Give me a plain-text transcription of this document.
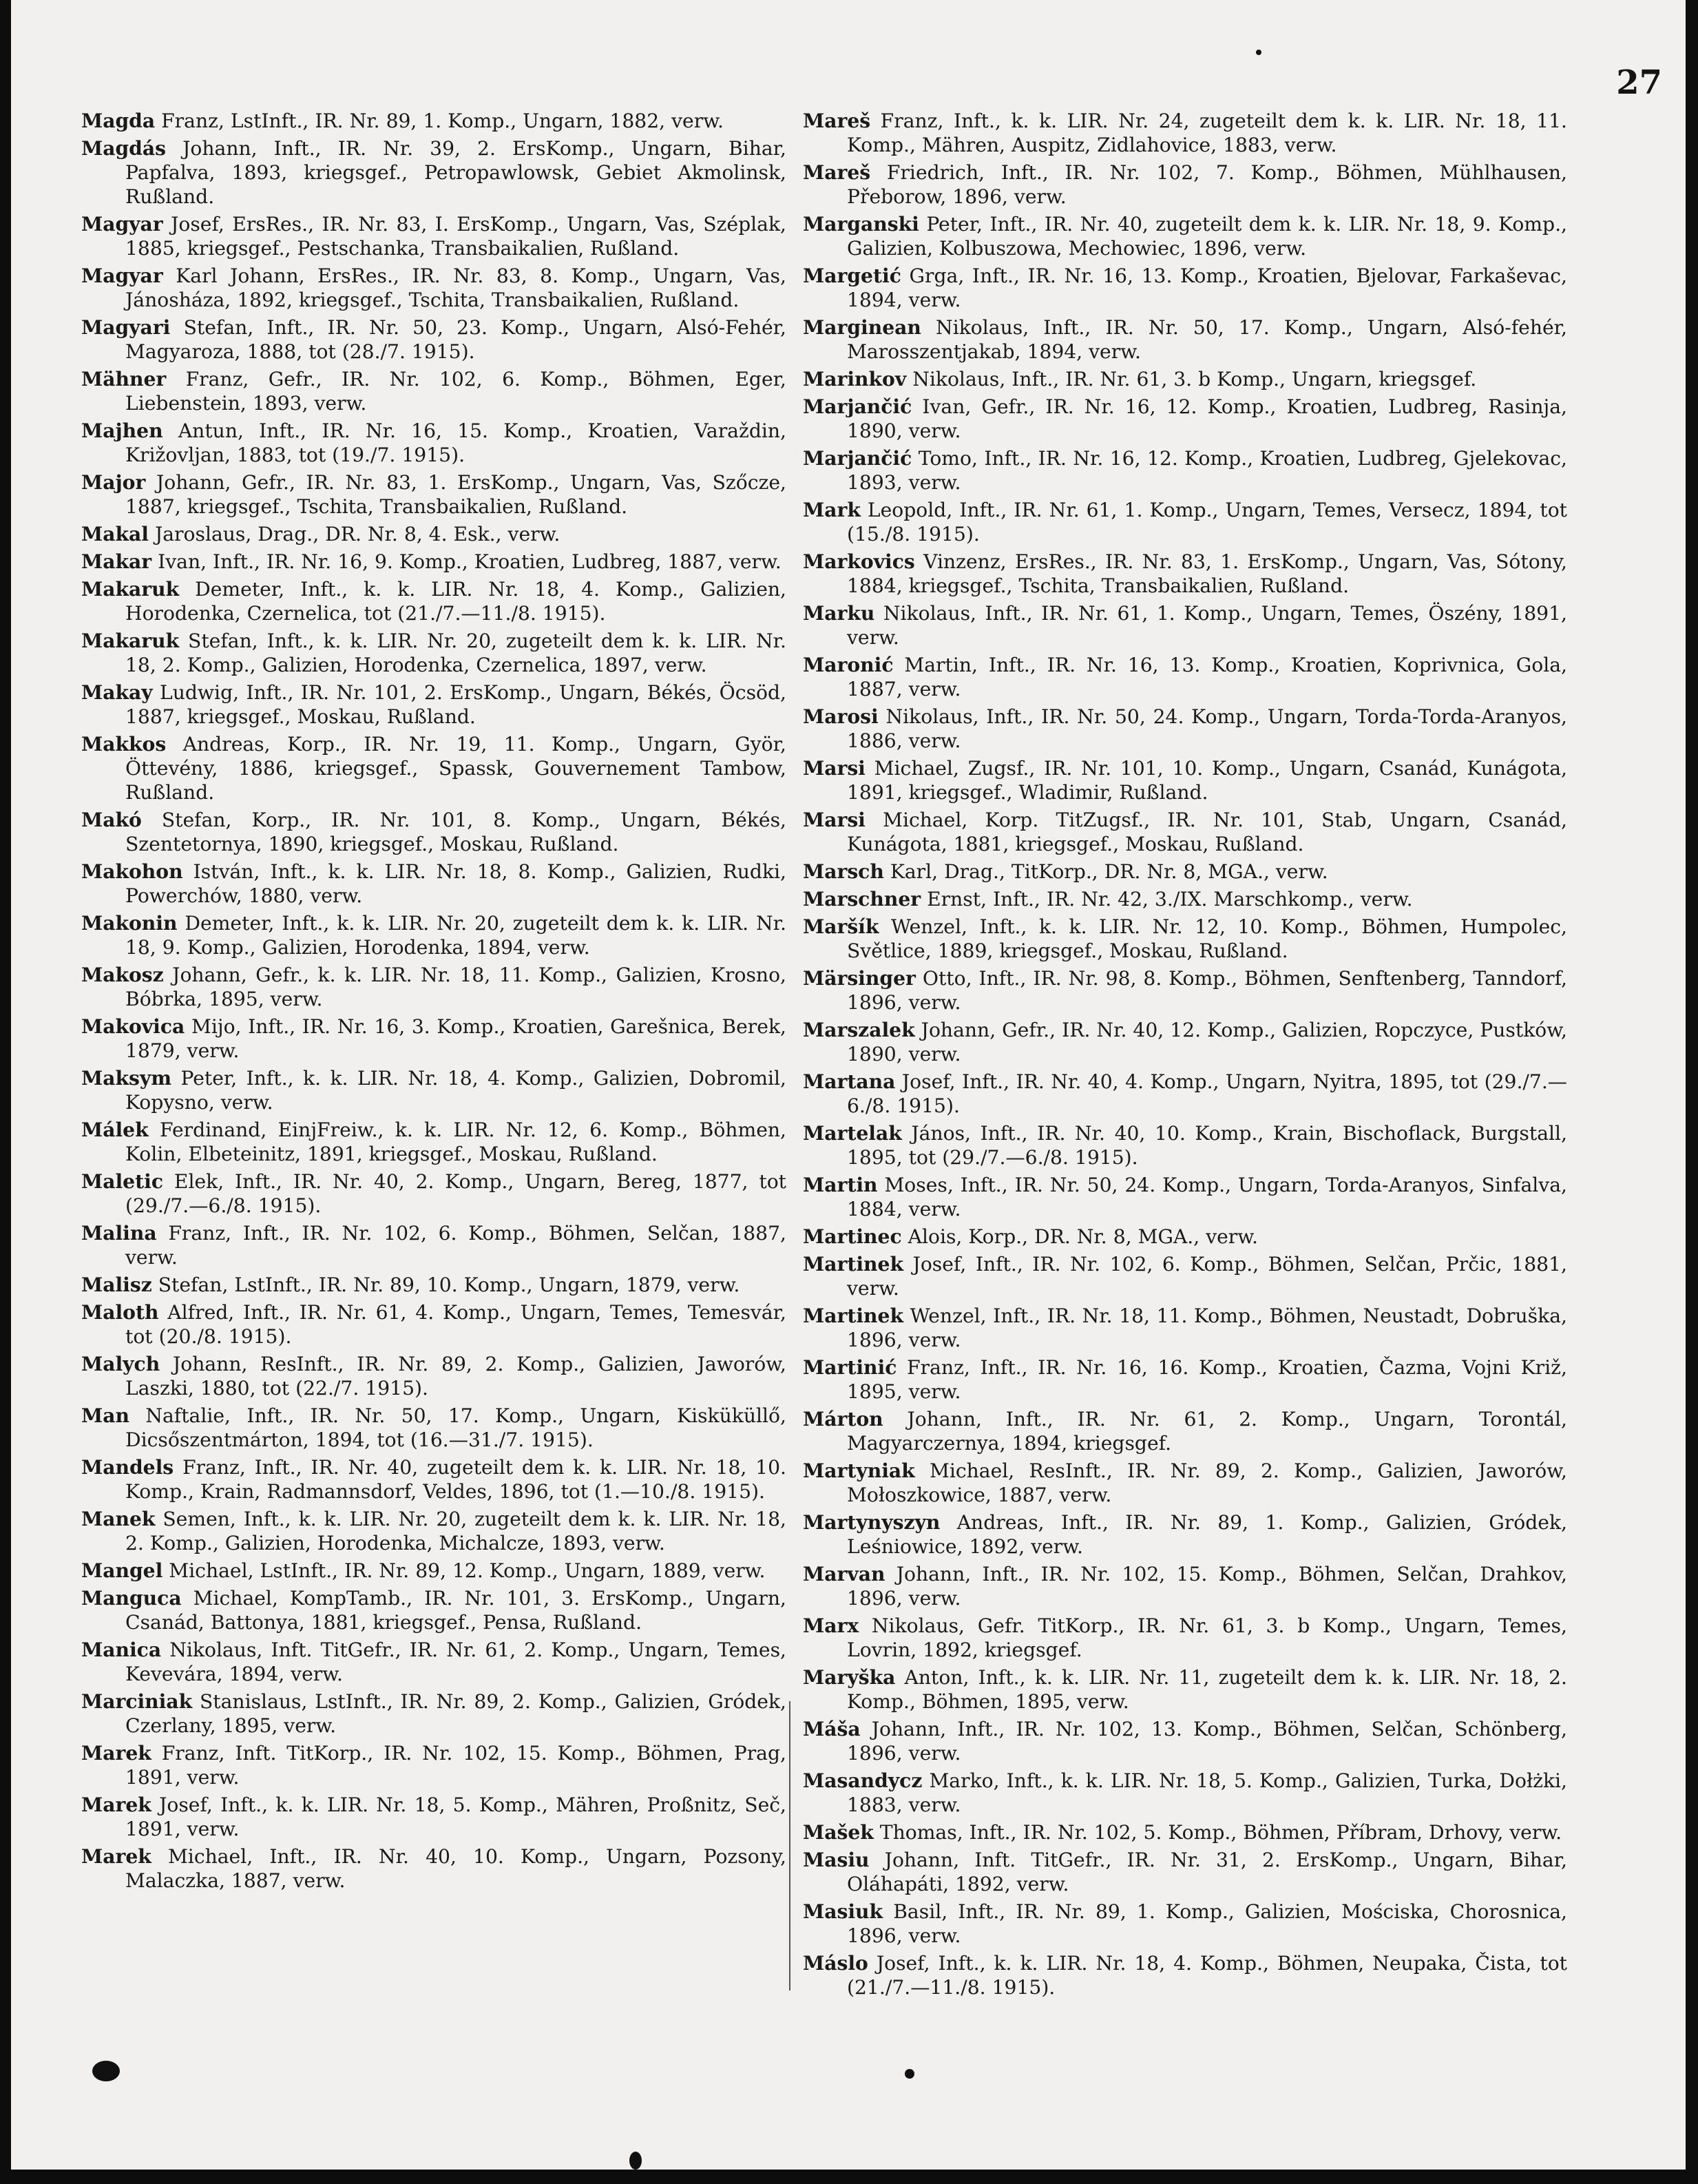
27

Magda Franz, LstInft., IR. Nr. 89, 1. Komp., Ungarn, 1882, verw.

Magdás Johann, Inft., IR. Nr. 39, 2. ErsKomp., Ungarn, Bihar, Papfalva, 1893, kriegsgef., Petropawlowsk, Gebiet Akmolinsk, Rußland.

Magyar Josef, ErsRes., IR. Nr. 83, I. ErsKomp., Ungarn, Vas, Széplak, 1885, kriegsgef., Pestschanka, Transbaikalien, Rußland.

Magyar Karl Johann, ErsRes., IR. Nr. 83, 8. Komp., Ungarn, Vas, Jánosháza, 1892, kriegsgef., Tschita, Transbaikalien, Rußland.

Magyari Stefan, Inft., IR. Nr. 50, 23. Komp., Ungarn, Alsó-Fehér, Magyaroza, 1888, tot (28./7. 1915).

Mähner Franz, Gefr., IR. Nr. 102, 6. Komp., Böhmen, Eger, Liebenstein, 1893, verw.

Majhen Antun, Inft., IR. Nr. 16, 15. Komp., Kroatien, Varaždin, Križovljan, 1883, tot (19./7. 1915).

Major Johann, Gefr., IR. Nr. 83, 1. ErsKomp., Ungarn, Vas, Szőcze, 1887, kriegsgef., Tschita, Transbaikalien, Rußland.

Makal Jaroslaus, Drag., DR. Nr. 8, 4. Esk., verw.

Makar Ivan, Inft., IR. Nr. 16, 9. Komp., Kroatien, Ludbreg, 1887, verw.

Makaruk Demeter, Inft., k. k. LIR. Nr. 18, 4. Komp., Galizien, Horodenka, Czernelica, tot (21./7.—11./8. 1915).

Makaruk Stefan, Inft., k. k. LIR. Nr. 20, zugeteilt dem k. k. LIR. Nr. 18, 2. Komp., Galizien, Horodenka, Czernelica, 1897, verw.

Makay Ludwig, Inft., IR. Nr. 101, 2. ErsKomp., Ungarn, Békés, Öcsöd, 1887, kriegsgef., Moskau, Rußland.

Makkos Andreas, Korp., IR. Nr. 19, 11. Komp., Ungarn, Györ, Öttevény, 1886, kriegsgef., Spassk, Gouvernement Tambow, Rußland.

Makó Stefan, Korp., IR. Nr. 101, 8. Komp., Ungarn, Békés, Szentetornya, 1890, kriegsgef., Moskau, Rußland.

Makohon István, Inft., k. k. LIR. Nr. 18, 8. Komp., Galizien, Rudki, Powerchów, 1880, verw.

Makonin Demeter, Inft., k. k. LIR. Nr. 20, zugeteilt dem k. k. LIR. Nr. 18, 9. Komp., Galizien, Horodenka, 1894, verw.

Makosz Johann, Gefr., k. k. LIR. Nr. 18, 11. Komp., Galizien, Krosno, Bóbrka, 1895, verw.

Makovica Mijo, Inft., IR. Nr. 16, 3. Komp., Kroatien, Garešnica, Berek, 1879, verw.

Maksym Peter, Inft., k. k. LIR. Nr. 18, 4. Komp., Galizien, Dobromil, Kopysno, verw.

Málek Ferdinand, EinjFreiw., k. k. LIR. Nr. 12, 6. Komp., Böhmen, Kolin, Elbeteinitz, 1891, kriegsgef., Moskau, Rußland.

Maletic Elek, Inft., IR. Nr. 40, 2. Komp., Ungarn, Bereg, 1877, tot (29./7.—6./8. 1915).

Malina Franz, Inft., IR. Nr. 102, 6. Komp., Böhmen, Selčan, 1887, verw.

Malisz Stefan, LstInft., IR. Nr. 89, 10. Komp., Ungarn, 1879, verw.

Maloth Alfred, Inft., IR. Nr. 61, 4. Komp., Ungarn, Temes, Temesvár, tot (20./8. 1915).

Malych Johann, ResInft., IR. Nr. 89, 2. Komp., Galizien, Jaworów, Laszki, 1880, tot (22./7. 1915).

Man Naftalie, Inft., IR. Nr. 50, 17. Komp., Ungarn, Kisküküllő, Dicsőszentmárton, 1894, tot (16.—31./7. 1915).

Mandels Franz, Inft., IR. Nr. 40, zugeteilt dem k. k. LIR. Nr. 18, 10. Komp., Krain, Radmannsdorf, Veldes, 1896, tot (1.—10./8. 1915).

Manek Semen, Inft., k. k. LIR. Nr. 20, zugeteilt dem k. k. LIR. Nr. 18, 2. Komp., Galizien, Horodenka, Michalcze, 1893, verw.

Mangel Michael, LstInft., IR. Nr. 89, 12. Komp., Ungarn, 1889, verw.

Manguca Michael, KompTamb., IR. Nr. 101, 3. ErsKomp., Ungarn, Csanád, Battonya, 1881, kriegsgef., Pensa, Rußland.

Manica Nikolaus, Inft. TitGefr., IR. Nr. 61, 2. Komp., Ungarn, Temes, Kevevára, 1894, verw.

Marciniak Stanislaus, LstInft., IR. Nr. 89, 2. Komp., Galizien, Gródek, Czerlany, 1895, verw.

Marek Franz, Inft. TitKorp., IR. Nr. 102, 15. Komp., Böhmen, Prag, 1891, verw.

Marek Josef, Inft., k. k. LIR. Nr. 18, 5. Komp., Mähren, Proßnitz, Seč, 1891, verw.

Marek Michael, Inft., IR. Nr. 40, 10. Komp., Ungarn, Pozsony, Malaczka, 1887, verw.

Mareš Franz, Inft., k. k. LIR. Nr. 24, zugeteilt dem k. k. LIR. Nr. 18, 11. Komp., Mähren, Auspitz, Zidlahovice, 1883, verw.

Mareš Friedrich, Inft., IR. Nr. 102, 7. Komp., Böhmen, Mühlhausen, Přeborow, 1896, verw.

Marganski Peter, Inft., IR. Nr. 40, zugeteilt dem k. k. LIR. Nr. 18, 9. Komp., Galizien, Kolbuszowa, Mechowiec, 1896, verw.

Margetić Grga, Inft., IR. Nr. 16, 13. Komp., Kroatien, Bjelovar, Farkaševac, 1894, verw.

Marginean Nikolaus, Inft., IR. Nr. 50, 17. Komp., Ungarn, Alsó-fehér, Marosszentjakab, 1894, verw.

Marinkov Nikolaus, Inft., IR. Nr. 61, 3. b Komp., Ungarn, kriegsgef.

Marjančić Ivan, Gefr., IR. Nr. 16, 12. Komp., Kroatien, Ludbreg, Rasinja, 1890, verw.

Marjančić Tomo, Inft., IR. Nr. 16, 12. Komp., Kroatien, Ludbreg, Gjelekovac, 1893, verw.

Mark Leopold, Inft., IR. Nr. 61, 1. Komp., Ungarn, Temes, Versecz, 1894, tot (15./8. 1915).

Markovics Vinzenz, ErsRes., IR. Nr. 83, 1. ErsKomp., Ungarn, Vas, Sótony, 1884, kriegsgef., Tschita, Transbaikalien, Rußland.

Marku Nikolaus, Inft., IR. Nr. 61, 1. Komp., Ungarn, Temes, Öszény, 1891, verw.

Maronić Martin, Inft., IR. Nr. 16, 13. Komp., Kroatien, Koprivnica, Gola, 1887, verw.

Marosi Nikolaus, Inft., IR. Nr. 50, 24. Komp., Ungarn, Torda-Torda-Aranyos, 1886, verw.

Marsi Michael, Zugsf., IR. Nr. 101, 10. Komp., Ungarn, Csanád, Kunágota, 1891, kriegsgef., Wladimir, Rußland.

Marsi Michael, Korp. TitZugsf., IR. Nr. 101, Stab, Ungarn, Csanád, Kunágota, 1881, kriegsgef., Moskau, Rußland.

Marsch Karl, Drag., TitKorp., DR. Nr. 8, MGA., verw.

Marschner Ernst, Inft., IR. Nr. 42, 3./IX. Marschkomp., verw.

Maršík Wenzel, Inft., k. k. LIR. Nr. 12, 10. Komp., Böhmen, Humpolec, Světlice, 1889, kriegsgef., Moskau, Rußland.

Märsinger Otto, Inft., IR. Nr. 98, 8. Komp., Böhmen, Senftenberg, Tanndorf, 1896, verw.

Marszalek Johann, Gefr., IR. Nr. 40, 12. Komp., Galizien, Ropczyce, Pustków, 1890, verw.

Martana Josef, Inft., IR. Nr. 40, 4. Komp., Ungarn, Nyitra, 1895, tot (29./7.—6./8. 1915).

Martelak János, Inft., IR. Nr. 40, 10. Komp., Krain, Bischoflack, Burgstall, 1895, tot (29./7.—6./8. 1915).

Martin Moses, Inft., IR. Nr. 50, 24. Komp., Ungarn, Torda-Aranyos, Sinfalva, 1884, verw.

Martinec Alois, Korp., DR. Nr. 8, MGA., verw.

Martinek Josef, Inft., IR. Nr. 102, 6. Komp., Böhmen, Selčan, Prčic, 1881, verw.

Martinek Wenzel, Inft., IR. Nr. 18, 11. Komp., Böhmen, Neustadt, Dobruška, 1896, verw.

Martinić Franz, Inft., IR. Nr. 16, 16. Komp., Kroatien, Čazma, Vojni Križ, 1895, verw.

Márton Johann, Inft., IR. Nr. 61, 2. Komp., Ungarn, Torontál, Magyarczernya, 1894, kriegsgef.

Martyniak Michael, ResInft., IR. Nr. 89, 2. Komp., Galizien, Jaworów, Mołoszkowice, 1887, verw.

Martynyszyn Andreas, Inft., IR. Nr. 89, 1. Komp., Galizien, Gródek, Leśniowice, 1892, verw.

Marvan Johann, Inft., IR. Nr. 102, 15. Komp., Böhmen, Selčan, Drahkov, 1896, verw.

Marx Nikolaus, Gefr. TitKorp., IR. Nr. 61, 3. b Komp., Ungarn, Temes, Lovrin, 1892, kriegsgef.

Maryška Anton, Inft., k. k. LIR. Nr. 11, zugeteilt dem k. k. LIR. Nr. 18, 2. Komp., Böhmen, 1895, verw.

Máša Johann, Inft., IR. Nr. 102, 13. Komp., Böhmen, Selčan, Schönberg, 1896, verw.

Masandycz Marko, Inft., k. k. LIR. Nr. 18, 5. Komp., Galizien, Turka, Dołżki, 1883, verw.

Mašek Thomas, Inft., IR. Nr. 102, 5. Komp., Böhmen, Příbram, Drhovy, verw.

Masiu Johann, Inft. TitGefr., IR. Nr. 31, 2. ErsKomp., Ungarn, Bihar, Oláhapáti, 1892, verw.

Masiuk Basil, Inft., IR. Nr. 89, 1. Komp., Galizien, Mościska, Chorosnica, 1896, verw.

Máslo Josef, Inft., k. k. LIR. Nr. 18, 4. Komp., Böhmen, Neupaka, Čista, tot (21./7.—11./8. 1915).
